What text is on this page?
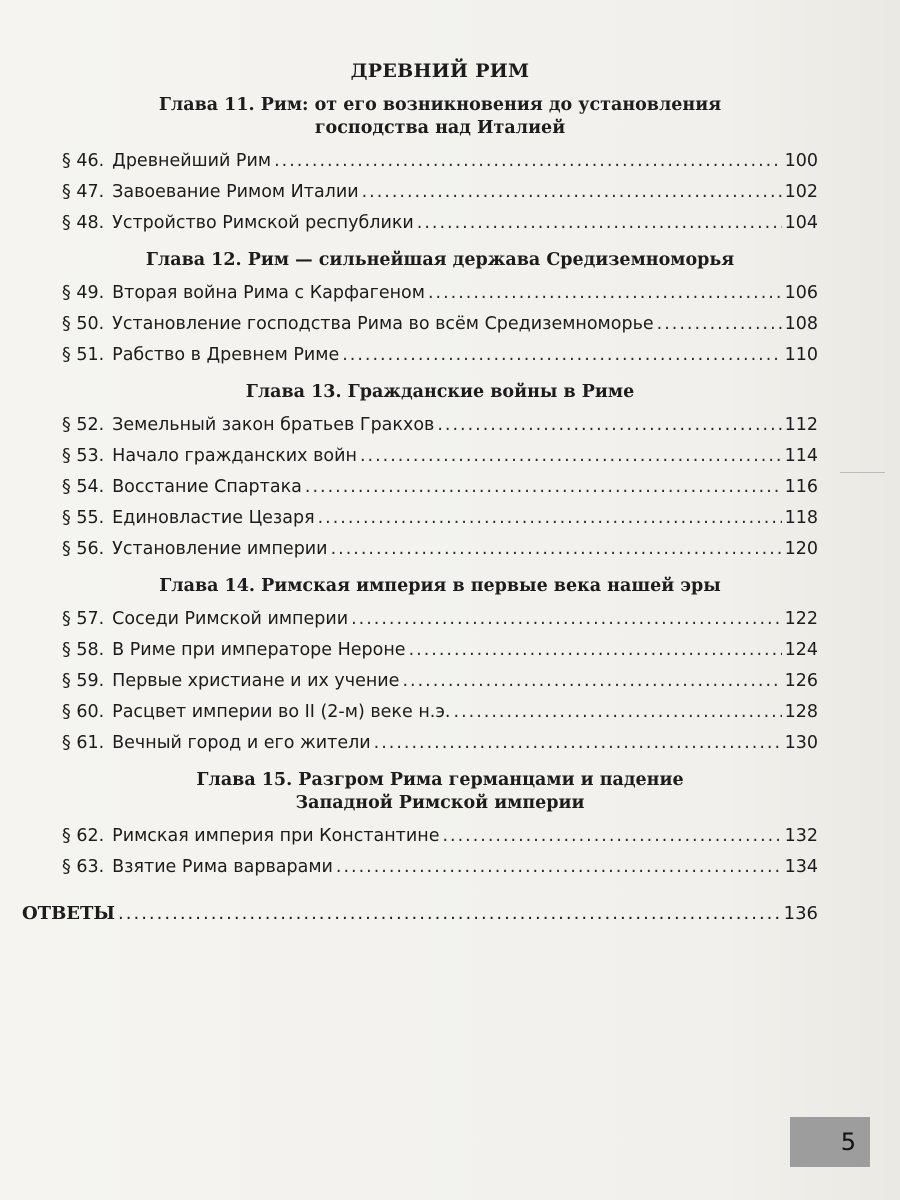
ДРЕВНИЙ РИМ
Глава 11. Рим: от его возникновения до установления
господства над Италией
§ 46. Древнейший Рим .....	100
§ 47. Завоевание Римом Италии .....	102
§ 48. Устройство Римской республики .....	104
Глава 12. Рим — сильнейшая держава Средиземноморья
§ 49. Вторая война Рима с Карфагеном .....	106
§ 50. Установление господства Рима во всём Средиземноморье .....	108
§ 51. Рабство в Древнем Риме .....	110
Глава 13. Гражданские войны в Риме
§ 52. Земельный закон братьев Гракхов .....	112
§ 53. Начало гражданских войн .....	114
§ 54. Восстание Спартака .....	116
§ 55. Единовластие Цезаря .....	118
§ 56. Установление империи .....	120
Глава 14. Римская империя в первые века нашей эры
§ 57. Соседи Римской империи .....	122
§ 58. В Риме при императоре Нероне .....	124
§ 59. Первые христиане и их учение .....	126
§ 60. Расцвет империи во II (2-м) веке н.э. .....	128
§ 61. Вечный город и его жители .....	130
Глава 15. Разгром Рима германцами и падение
Западной Римской империи
§ 62. Римская империя при Константине .....	132
§ 63. Взятие Рима варварами .....	134
ОТВЕТЫ .....	136
5
